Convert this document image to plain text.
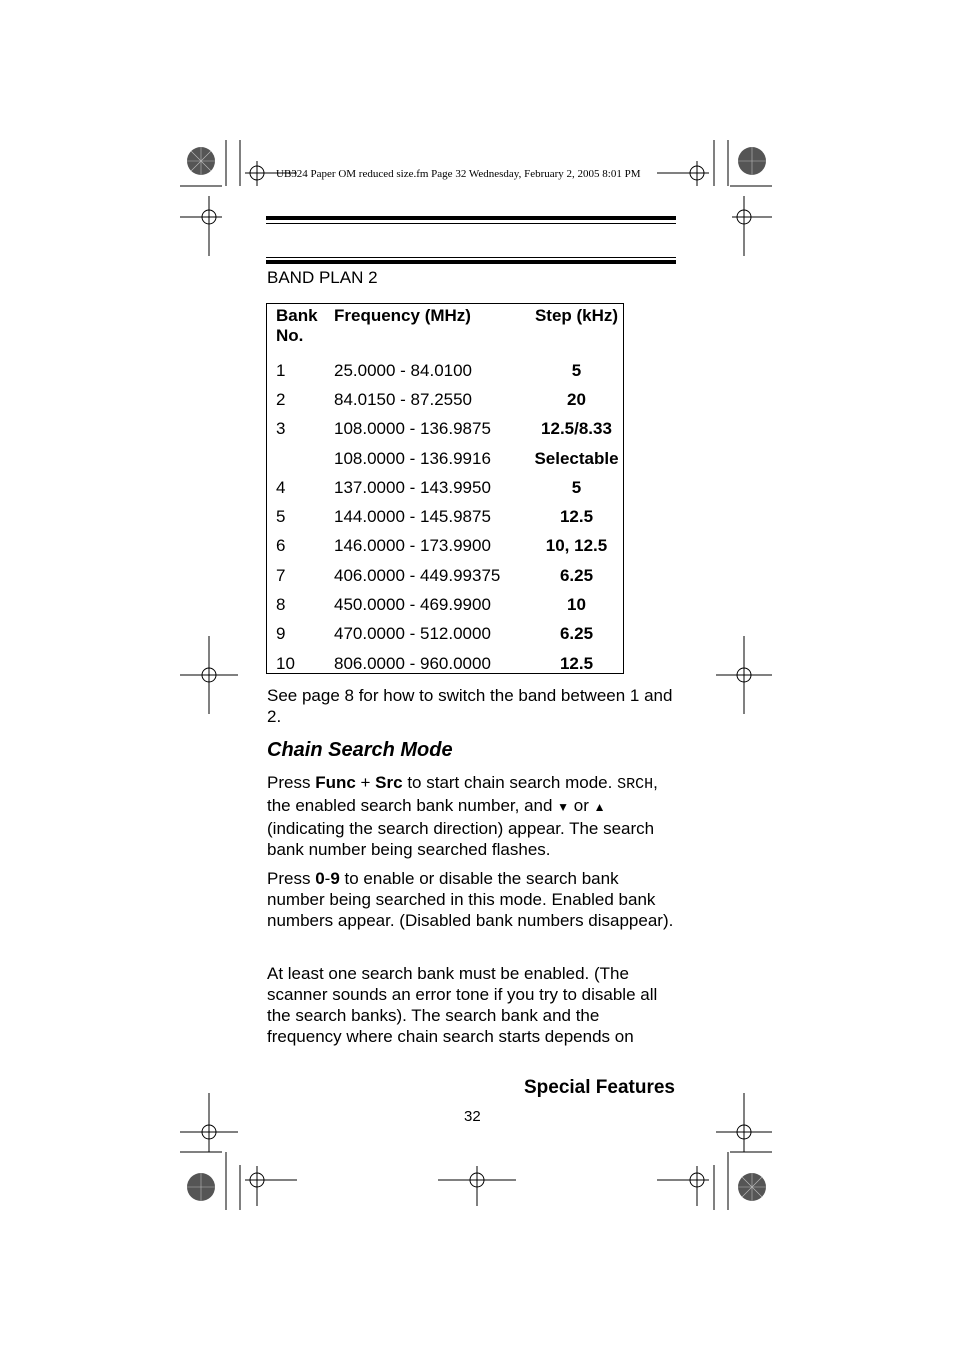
UB324 Paper OM reduced size.fm Page 32 Wednesday, February 2, 2005 8:01 PM
BAND PLAN 2
Bank
No.	Frequency (MHz)	Step (kHz)
1	25.0000 - 84.0100	5
2	84.0150 - 87.2550	20
3	108.0000 - 136.9875	12.5/8.33
	108.0000 - 136.9916	Selectable
4	137.0000 - 143.9950	5
5	144.0000 - 145.9875	12.5
6	146.0000 - 173.9900	10, 12.5
7	406.0000 - 449.99375	6.25
8	450.0000 - 469.9900	10
9	470.0000 - 512.0000	6.25
10	806.0000 - 960.0000	12.5
See page 8 for how to switch the band between 1 and 2.
Chain Search Mode
Press Func + Src to start chain search mode. SRCH, the enabled search bank number, and ▼ or ▲ (indicating the search direction) appear. The search bank number being searched flashes.
Press 0-9 to enable or disable the search bank number being searched in this mode. Enabled bank numbers appear. (Disabled bank numbers disappear).
At least one search bank must be enabled. (The scanner sounds an error tone if you try to disable all the search banks). The search bank and the frequency where chain search starts depends on
Special Features
32
